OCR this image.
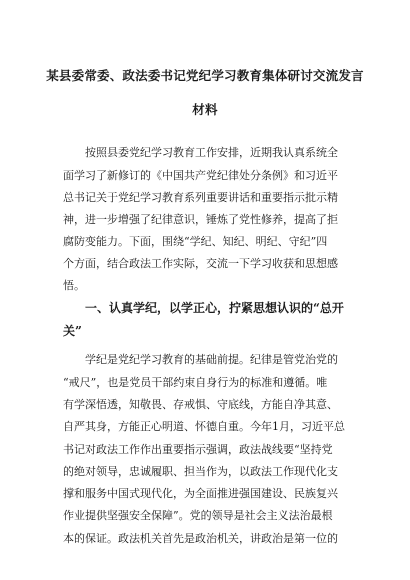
某县委常委、政法委书记党纪学习教育集体研讨交流发言
材料
按照县委党纪学习教育工作安排，近期我认真系统全
面学习了新修订的《中国共产党纪律处分条例》和习近平
总书记关于党纪学习教育系列重要讲话和重要指示批示精
神，进一步增强了纪律意识，锤炼了党性修养，提高了拒
腐防变能力。下面，围绕“学纪、知纪、明纪、守纪”四
个方面，结合政法工作实际，交流一下学习收获和思想感
悟。
一、认真学纪，以学正心，拧紧思想认识的“总开
关”
学纪是党纪学习教育的基础前提。纪律是管党治党的
“戒尺”，也是党员干部约束自身行为的标准和遵循。唯
有学深悟透，知敬畏、存戒惧、守底线，方能自净其意、
自严其身，方能正心明道、怀德自重。今年1月，习近平总
书记对政法工作作出重要指示强调，政法战线要“坚持党
的绝对领导，忠诚履职、担当作为，以政法工作现代化支
撑和服务中国式现代化，为全面推进强国建设、民族复兴
作业提供坚强安全保障”。党的领导是社会主义法治最根
本的保证。政法机关首先是政治机关，讲政治是第一位的
